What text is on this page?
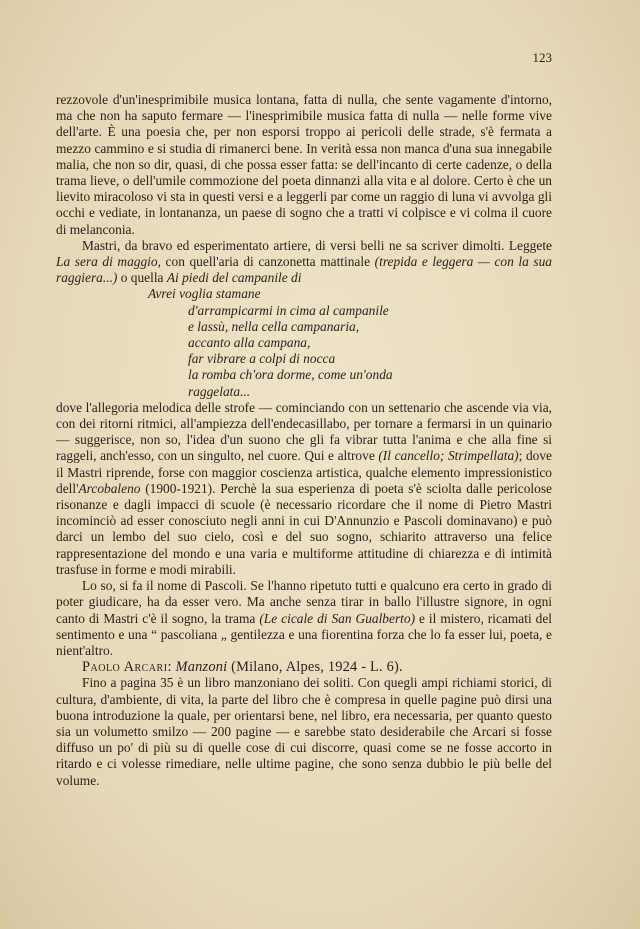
123

rezzovole d'un'inesprimibile musica lontana, fatta di nulla, che sente vagamente d'intorno, ma che non ha saputo fermare — l'inesprimibile musica fatta di nulla — nelle forme vive dell'arte. È una poesia che, per non esporsi troppo ai pericoli delle strade, s'è fermata a mezzo cammino e si studia di rimanerci bene. In verità essa non manca d'una sua innegabile malia, che non so dir, quasi, di che possa esser fatta: se dell'incanto di certe cadenze, o della trama lieve, o dell'umile commozione del poeta dinnanzi alla vita e al dolore. Certo è che un lievito miracoloso vi sta in questi versi e a leggerli par come un raggio di luna vi avvolga gli occhi e vediate, in lontananza, un paese di sogno che a tratti vi colpisce e vi colma il cuore di melanconia.

Mastri, da bravo ed esperimentato artiere, di versi belli ne sa scriver dimolti. Leggete La sera di maggio, con quell'aria di canzonetta mattinale (trepida e leggera — con la sua raggiera...) o quella Ai piedi del campanile di

Avrei voglia stamane
d'arrampicarmi in cima al campanile
e lassù, nella cella campanaria,
accanto alla campana,
far vibrare a colpi di nocca
la romba ch'ora dorme, come un'onda
raggelata...

dove l'allegoria melodica delle strofe — cominciando con un settenario che ascende via via, con dei ritorni ritmici, all'ampiezza dell'endecasillabo, per tornare a fermarsi in un quinario — suggerisce, non so, l'idea d'un suono che gli fa vibrar tutta l'anima e che alla fine si raggeli, anch'esso, con un singulto, nel cuore. Qui e altrove (Il cancello; Strimpellata); dove il Mastri riprende, forse con maggior coscienza artistica, qualche elemento impressionistico dell'Arcobaleno (1900-1921). Perchè la sua esperienza di poeta s'è sciolta dalle pericolose risonanze e dagli impacci di scuole (è necessario ricordare che il nome di Pietro Mastri incominciò ad esser conosciuto negli anni in cui D'Annunzio e Pascoli dominavano) e può darci un lembo del suo cielo, così e del suo sogno, schiarito attraverso una felice rappresentazione del mondo e una varia e multiforme attitudine di chiarezza e di intimità trasfuse in forme e modi mirabili.

Lo so, si fa il nome di Pascoli. Se l'hanno ripetuto tutti e qualcuno era certo in grado di poter giudicare, ha da esser vero. Ma anche senza tirar in ballo l'illustre signore, in ogni canto di Mastri c'è il sogno, la trama (Le cicale di San Gualberto) e il mistero, ricamati del sentimento e una “ pascoliana „ gentilezza e una fiorentina forza che lo fa esser lui, poeta, e nient'altro.

Paolo Arcari: Manzoni (Milano, Alpes, 1924 - L. 6).

Fino a pagina 35 è un libro manzoniano dei soliti. Con quegli ampi richiami storici, di cultura, d'ambiente, di vita, la parte del libro che è compresa in quelle pagine può dirsi una buona introduzione la quale, per orientarsi bene, nel libro, era necessaria, per quanto questo sia un volumetto smilzo — 200 pagine — e sarebbe stato desiderabile che Arcari si fosse diffuso un po' di più su di quelle cose di cui discorre, quasi come se ne fosse accorto in ritardo e ci volesse rimediare, nelle ultime pagine, che sono senza dubbio le più belle del volume.
